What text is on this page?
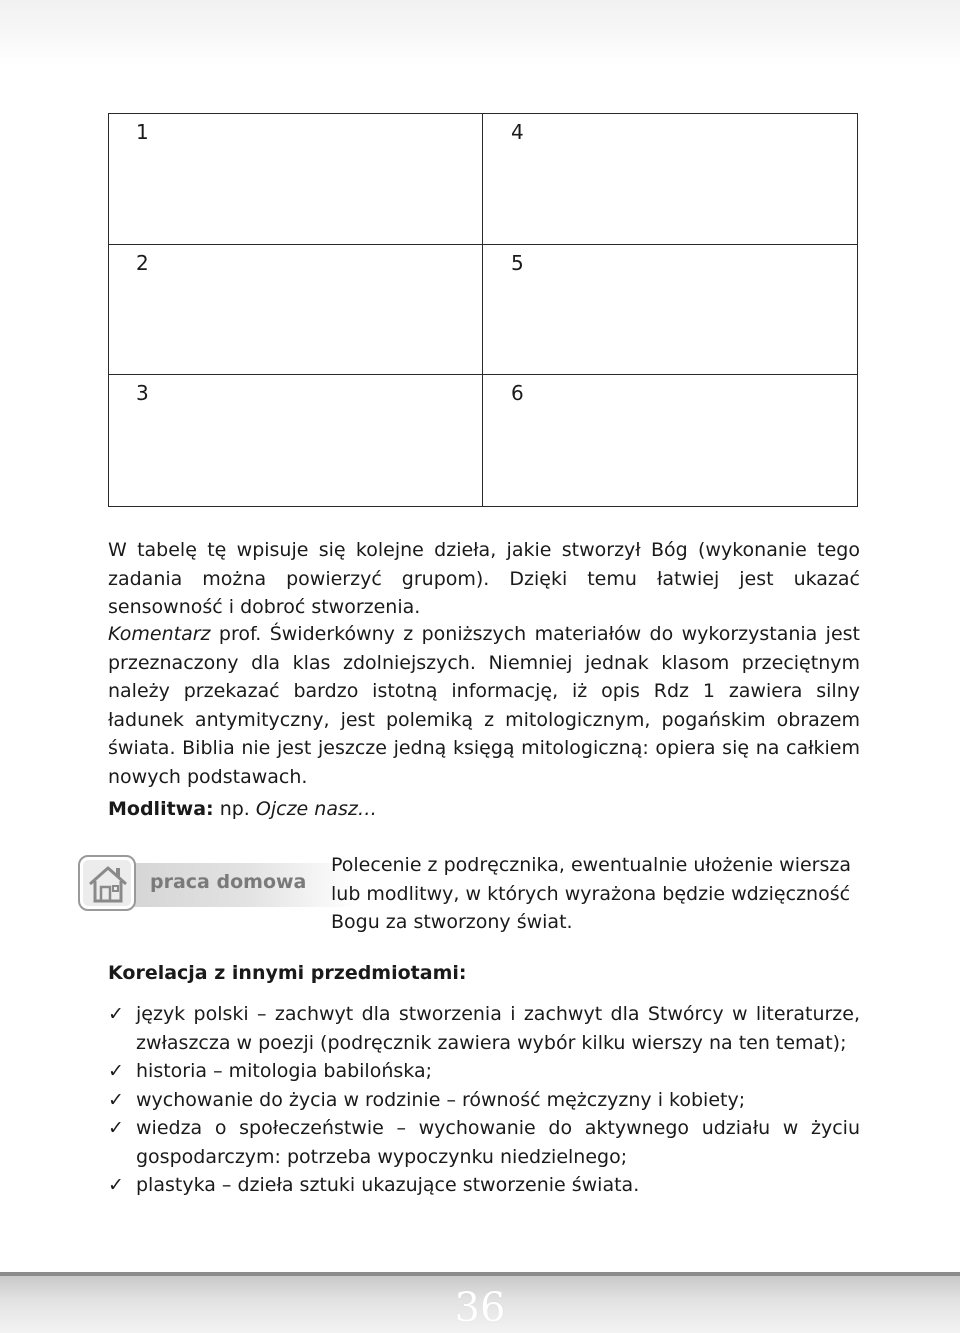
1	4
2	5
3	6
W tabelę tę wpisuje się kolejne dzieła, jakie stworzył Bóg (wykonanie tego zadania można powierzyć grupom). Dzięki temu łatwiej jest ukazać sensowność i dobroć stworzenia.
Komentarz prof. Świderkówny z poniższych materiałów do wykorzystania jest przeznaczony dla klas zdolniejszych. Niemniej jednak klasom przeciętnym należy przekazać bardzo istotną informację, iż opis Rdz 1 zawiera silny ładunek antymityczny, jest polemiką z mitologicznym, pogańskim obrazem świata. Biblia nie jest jeszcze jedną księgą mitologiczną: opiera się na całkiem nowych podstawach.
Modlitwa: np. Ojcze nasz…
praca domowa
Polecenie z podręcznika, ewentualnie ułożenie wiersza lub modlitwy, w których wyrażona będzie wdzięczność Bogu za stworzony świat.
Korelacja z innymi przedmiotami:
✓ język polski – zachwyt dla stworzenia i zachwyt dla Stwórcy w literaturze, zwłaszcza w poezji (podręcznik zawiera wybór kilku wierszy na ten temat);
✓ historia – mitologia babilońska;
✓ wychowanie do życia w rodzinie – równość mężczyzny i kobiety;
✓ wiedza o społeczeństwie – wychowanie do aktywnego udziału w życiu gospodarczym: potrzeba wypoczynku niedzielnego;
✓ plastyka – dzieła sztuki ukazujące stworzenie świata.
36
